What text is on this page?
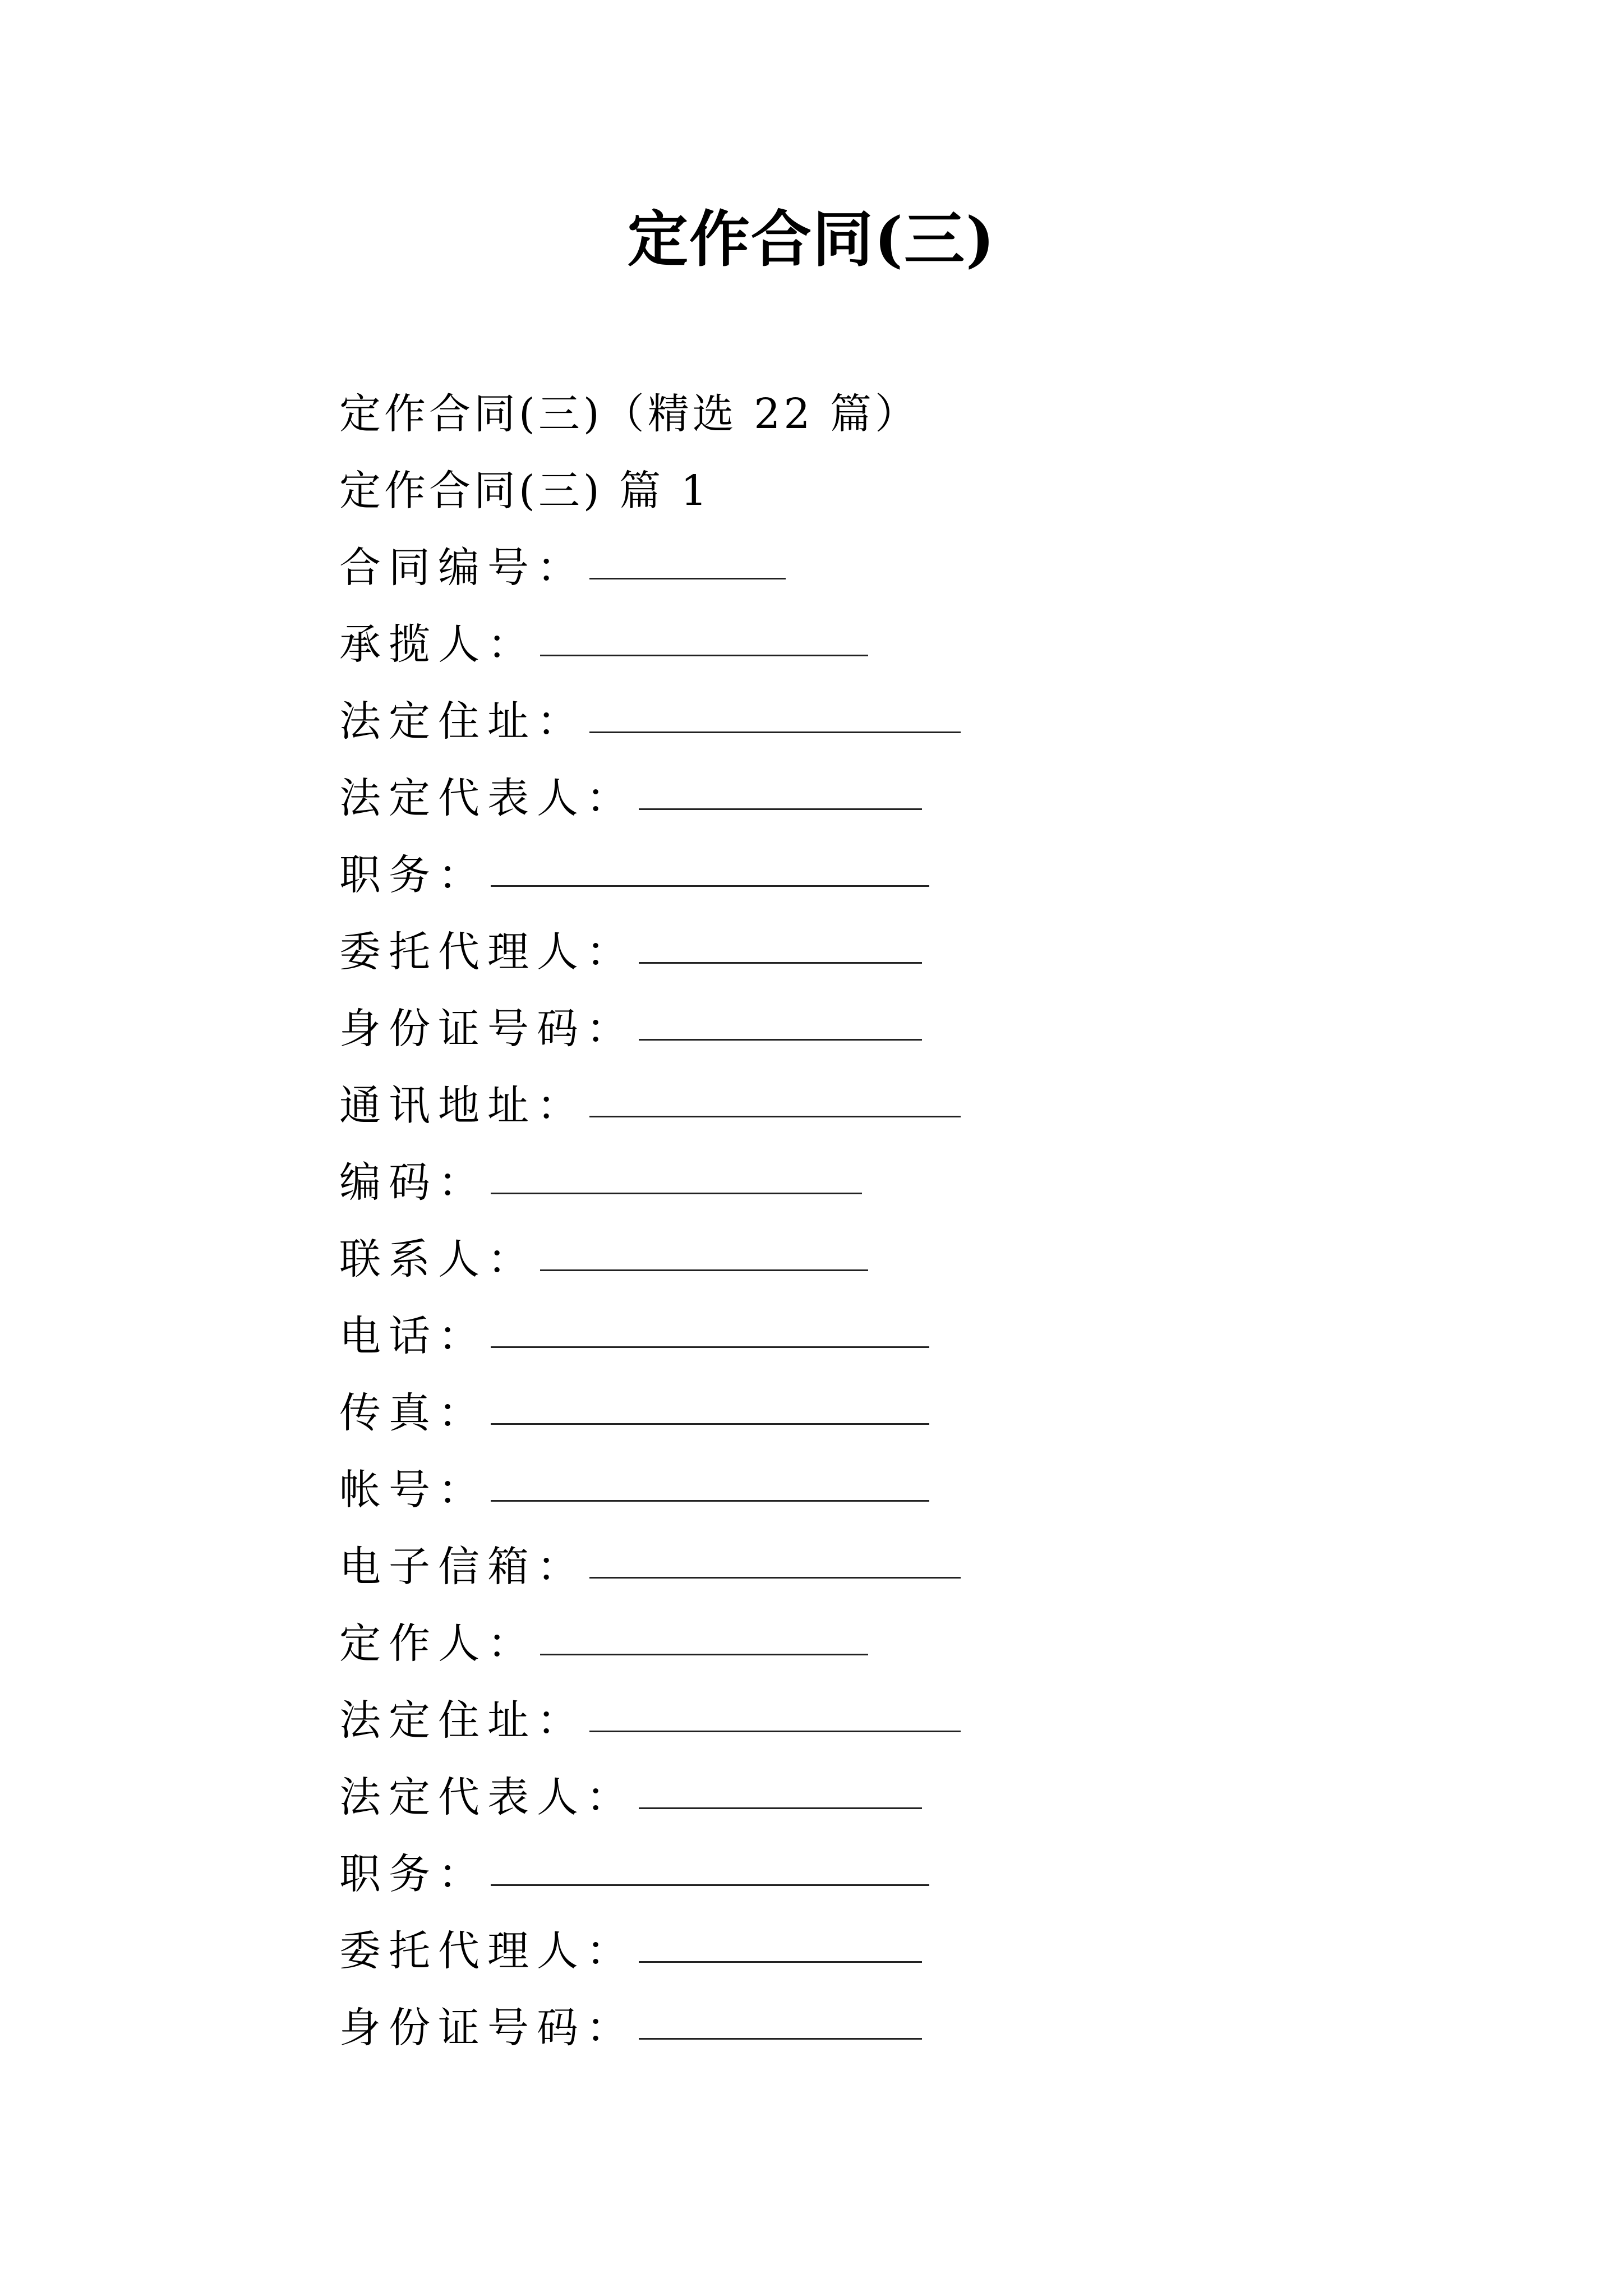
定作合同(三)
定作合同(三)（精选 22 篇）
定作合同(三) 篇 1
合同编号：
承揽人：
法定住址：
法定代表人：
职务：
委托代理人：
身份证号码：
通讯地址：
编码：
联系人：
电话：
传真：
帐号：
电子信箱：
定作人：
法定住址：
法定代表人：
职务：
委托代理人：
身份证号码：
